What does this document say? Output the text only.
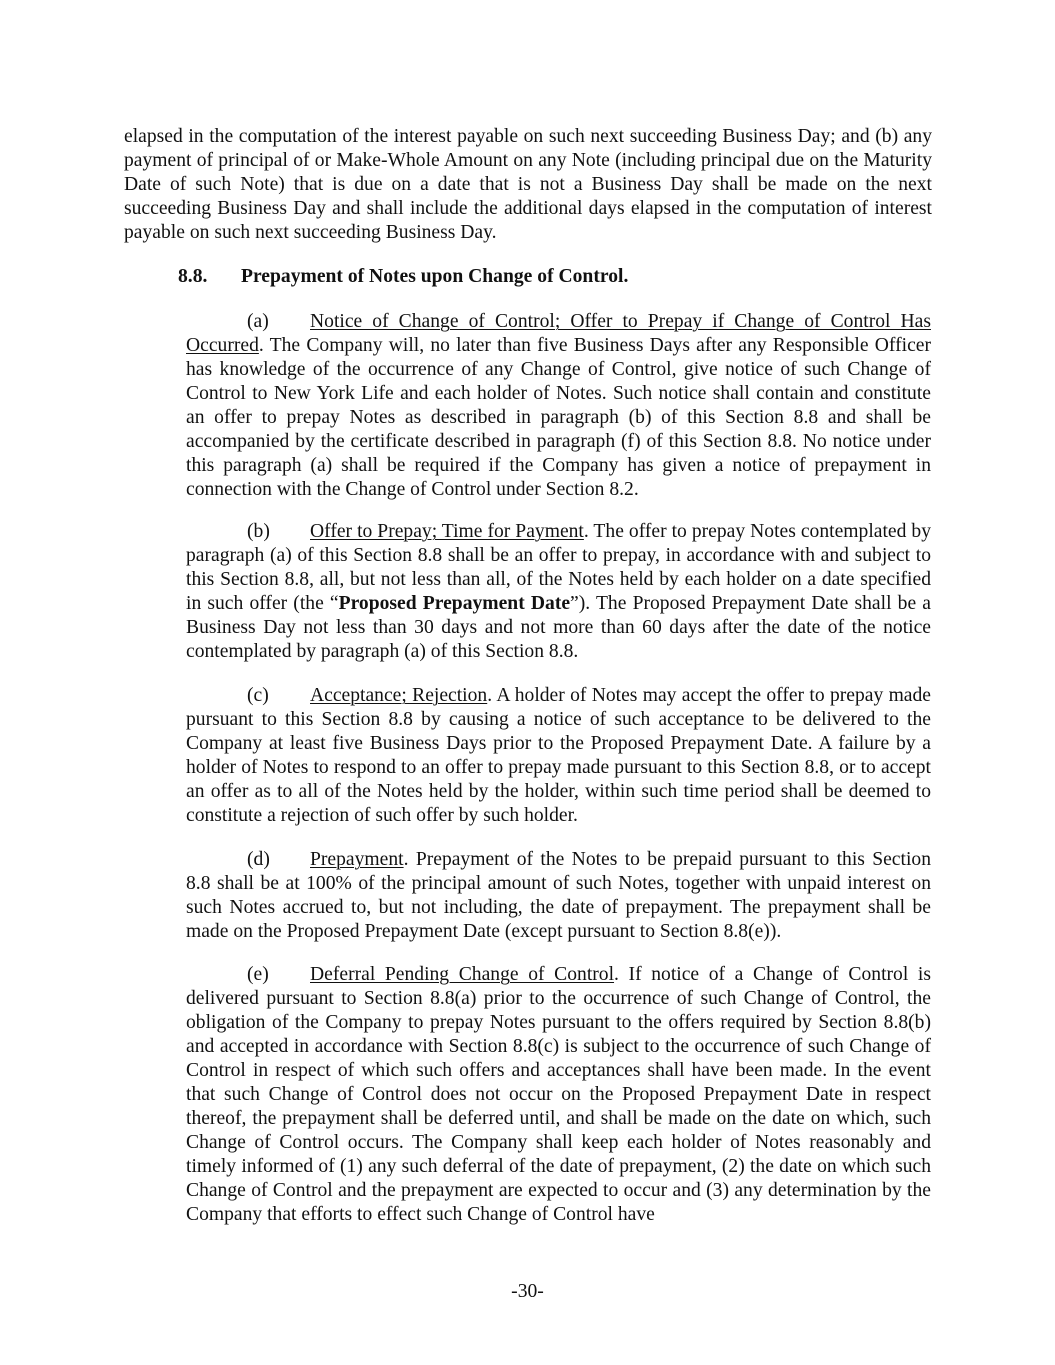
elapsed in the computation of the interest payable on such next succeeding Business Day; and (b) any payment of principal of or Make-Whole Amount on any Note (including principal due on the Maturity Date of such Note) that is due on a date that is not a Business Day shall be made on the next succeeding Business Day and shall include the additional days elapsed in the computation of interest payable on such next succeeding Business Day.

8.8. Prepayment of Notes upon Change of Control.

(a) Notice of Change of Control; Offer to Prepay if Change of Control Has Occurred. The Company will, no later than five Business Days after any Responsible Officer has knowledge of the occurrence of any Change of Control, give notice of such Change of Control to New York Life and each holder of Notes. Such notice shall contain and constitute an offer to prepay Notes as described in paragraph (b) of this Section 8.8 and shall be accompanied by the certificate described in paragraph (f) of this Section 8.8. No notice under this paragraph (a) shall be required if the Company has given a notice of prepayment in connection with the Change of Control under Section 8.2.

(b) Offer to Prepay; Time for Payment. The offer to prepay Notes contemplated by paragraph (a) of this Section 8.8 shall be an offer to prepay, in accordance with and subject to this Section 8.8, all, but not less than all, of the Notes held by each holder on a date specified in such offer (the “Proposed Prepayment Date”). The Proposed Prepayment Date shall be a Business Day not less than 30 days and not more than 60 days after the date of the notice contemplated by paragraph (a) of this Section 8.8.

(c) Acceptance; Rejection. A holder of Notes may accept the offer to prepay made pursuant to this Section 8.8 by causing a notice of such acceptance to be delivered to the Company at least five Business Days prior to the Proposed Prepayment Date. A failure by a holder of Notes to respond to an offer to prepay made pursuant to this Section 8.8, or to accept an offer as to all of the Notes held by the holder, within such time period shall be deemed to constitute a rejection of such offer by such holder.

(d) Prepayment. Prepayment of the Notes to be prepaid pursuant to this Section 8.8 shall be at 100% of the principal amount of such Notes, together with unpaid interest on such Notes accrued to, but not including, the date of prepayment. The prepayment shall be made on the Proposed Prepayment Date (except pursuant to Section 8.8(e)).

(e) Deferral Pending Change of Control. If notice of a Change of Control is delivered pursuant to Section 8.8(a) prior to the occurrence of such Change of Control, the obligation of the Company to prepay Notes pursuant to the offers required by Section 8.8(b) and accepted in accordance with Section 8.8(c) is subject to the occurrence of such Change of Control in respect of which such offers and acceptances shall have been made. In the event that such Change of Control does not occur on the Proposed Prepayment Date in respect thereof, the prepayment shall be deferred until, and shall be made on the date on which, such Change of Control occurs. The Company shall keep each holder of Notes reasonably and timely informed of (1) any such deferral of the date of prepayment, (2) the date on which such Change of Control and the prepayment are expected to occur and (3) any determination by the Company that efforts to effect such Change of Control have

-30-
